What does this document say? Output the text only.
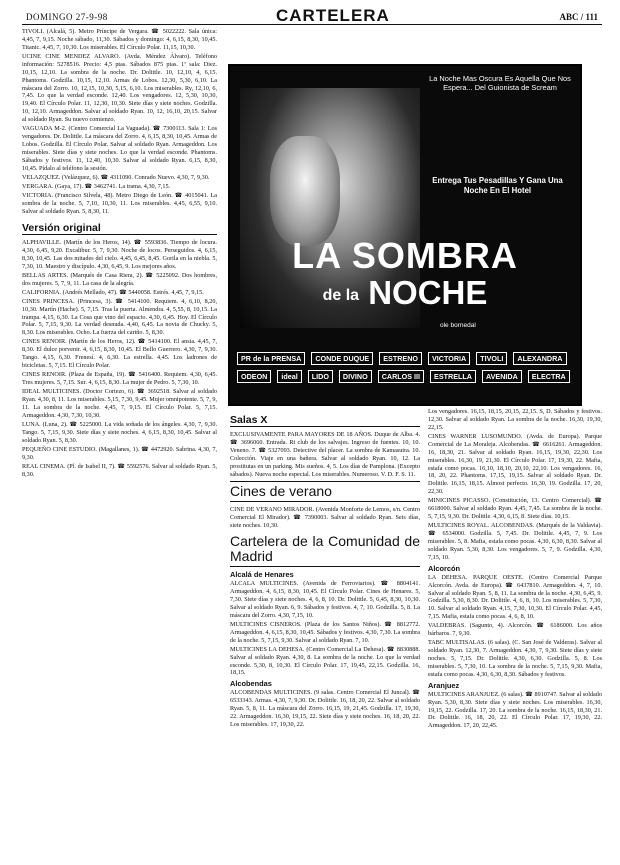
DOMINGO 27-9-98	CARTELERA	ABC / 111

TIVOLI. (Alcalá, 5). Metro Príncipe de Vergara. ☎ 5022222. Sala única: 4,45, 7, 9,15. Noche sábado, 11,30. Sábados y domingo: 4, 6,15, 8,30, 10,45. Titanic. 4,45, 7, 10,30. Los miserables. El Círculo Polar. 11,15, 10,30.

UCINE CINE MENDEZ ALVARO. (Avda. Méndez Álvaro). Teléfono información: 5278516. Precio: 4,5 ptas. Sábados 875 ptas. 1ª sala: Diez. 10,15, 12,10. La sombra de la noche. Dr. Dolittle. 10, 12,10, 4, 6,15. Phantoms. Godzilla. 10,15, 12,10. Armas de Lobos. 12,30, 5,30, 6,10. La máscara del Zorro. 10, 12,15, 10,30, 5,15, 6,10. Los miserables. Ry, 12,10, 6, 7,45. Lo que la verdad esconde. 12,40. Los vengadores. 12, 5,30, 10,30, 19,40. El Círculo Polar. 11, 12,30, 10,30. Siete días y siete noches. Godzilla. 10, 12,10. Armageddon. Salvar al soldado Ryan. 10, 12, 16,10, 20,15. Salvar al soldado Ryan. Su nuevo comienzo.

VAGUADA M-2. (Centro Comercial La Vaguada). ☎ 7300113. Sala 1: Los vengadores. Dr. Dolittle. La máscara del Zorro. 4, 6,15, 8,30, 10,45. Armas de Lobos. Godzilla. El Círculo Polar. Salvar al soldado Ryan. Armageddon. Los miserables. Siete días y siete noches. Lo que la verdad esconde. Phantoms. Sábados y festivos. 11, 12,40, 10,30. Salvar al soldado Ryan. 6,15, 8,30, 10,45. Pídalo al teléfono la sesión.

VELAZQUEZ. (Velázquez, 6). ☎ 4311090. Conrado Nuevo. 4,30, 7, 9,30.

VERGARA. (Gaya, 17). ☎ 3462741. La trama. 4,30, 7,15.

VICTORIA. (Francisco Silvela, 48). Metro Diego de León. ☎ 4015041. La sombra de la noche. 5, 7,10, 10,30, 11. Los miserables. 4,45, 6,55, 9,10. Salvar al soldado Ryan. 5, 8,30, 11.

Versión original

ALPHAVILLE. (Martín de los Heros, 14). ☎ 5593836. Tiempo de locura. 4,30, 6,45, 9,20. Excalibur. 5, 7, 9,30. Noche de locos. Perseguidos. 4, 6,15, 8,30, 10,45. Las dos mitades del cielo. 4,45, 6,45, 8,45. Gorila en la niebla. 5, 7,30, 10. Maestro y discípulo. 4,30, 6,45, 9. Los mejores años.

BELLAS ARTES. (Marqués de Casa Riera, 2). ☎ 5225092. Dos hombres, dos mujeres. 5, 7, 9, 11. La casa de la alegría.

CALIFORNIA. (Andrés Mellado, 47). ☎ 5440058. Estrés. 4,45, 7, 9,15.

CINES PRINCESA. (Princesa, 3). ☎ 5414100. Requiem. 4, 6,10, 8,20, 10,30. Martín (Hache). 5, 7,15. Tras la puerta. Almendra. 4, 5,55, 8, 10,15. La trampa. 4,15, 6,30. La Cosa que vino del espacio. 4,30, 6,45. Hoy. El Círculo Polar. 5, 7,15, 9,30. La verdad desnuda. 4,40, 6,45. La novia de Chucky. 5, 8,30. Los miserables. Ocho. La fuerza del cariño. 5, 8,30.

CINES RENOIR. (Martín de los Heros, 12). ☎ 5414100. El ansia. 4,45, 7, 8,30. El dulce porvenir. 4, 6,15, 8,30, 10,45. El Bello Guerrero. 4,30, 7, 9,30. Tango. 4,15, 6,30. Frenesí. 4, 6,30. La estrella. 4,45. Los ladrones de bicicletas. 5, 7,15. El Círculo Polar.

CINES RENOIR. (Plaza de España, 19). ☎ 5416400. Requiem. 4,30, 6,45. Tres mujeres. 5, 7,15. Sur. 4, 6,15, 8,30. La mujer de Pedro. 5, 7,30, 10.

IDEAL MULTICINES. (Doctor Cortezo, 6). ☎ 3692518. Salvar al soldado Ryan. 4,30, 8, 11. Los miserables. 5,15, 7,30, 9,45. Mujer omnipotente. 5, 7, 9, 11. La sombra de la noche. 4,45, 7, 9,15. El Círculo Polar. 5, 7,15. Armageddon. 4,30, 7,30, 10,30.

LUNA. (Luna, 2). ☎ 5225000. La vida soñada de los ángeles. 4,30, 7, 9,30. Tango. 5, 7,15, 9,30. Siete días y siete noches. 4, 6,15, 8,30, 10,45. Salvar al soldado Ryan. 5, 8,30.

PEQUEÑO CINE ESTUDIO. (Magallanes, 1). ☎ 4472920. Sabrina. 4,30, 7, 9,30.

REAL CINEMA. (Pl. de Isabel II, 7). ☎ 5592576. Salvar al soldado Ryan. 5, 8,30.

La Noche Mas Oscura Es Aquella Que Nos Espera... Del Guionista de Scream
Entrega Tus Pesadillas Y Gana Una Noche En El Hotel
LA SOMBRA
de la NOCHE
ole bornedal
PR de la PRENSA CONDE DUQUE ESTRENO VICTORIA TIVOLI ALEXANDRA ODEON ideal LIDO DIVINO CARLOS III ESTRELLA AVENIDA ELECTRA
Salas X

EXCLUSIVAMENTE PARA MAYORES DE 18 AÑOS. Duque de Alba. 4. ☎ 3696060. Entrada. Rt club de los salvajes. Ingreso de fuentes. 10, 10. Veneno. 7. ☎ 5327093. Detective del placer. La sombra de Kamasutra. 10. Colección. Viaje en una bañera. Salvar al soldado Ryan. 10, 12. La prostitutas en un parking. Mis sueños. 4, 5. Los días de Pamplona. (Excepto sábados). Nueva noche especial. Los miserables. Numeroso. V. D. F. S. 11.

Cines de verano

CINE DE VERANO MIRADOR. (Avenida Monforte de Lemos, s/n. Centro Comercial El Mirador). ☎ 7390003. Salvar al soldado Ryan. Seis días, siete noches. 10,30.

Cartelera de la Comunidad de Madrid
Alcalá de Henares

ALCALA MULTICINES. (Avenida de Ferroviarios). ☎ 8804141. Armageddon. 4, 6,15, 8,30, 10,45. El Círculo Polar. Cines de Henares. 5, 7,30. Siete días y siete noches. 4, 6, 8, 10. Dr. Dolittle. 5, 6,45, 8,30, 10,30. Salvar al soldado Ryan. 6, 9. Sábados y festivos. 4, 7, 10. Godzilla. 5, 8. La máscara del Zorro. 4,30, 7,15, 10.

MULTICINES CISNEROS. (Plaza de los Santos Niños). ☎ 8812772. Armageddon. 4, 6,15, 8,30, 10,45. Sábados y festivos. 4,30, 7,30. La sombra de la noche. 5, 7,15, 9,30. Salvar al soldado Ryan. 7, 10.

MULTICINES LA DEHESA. (Centro Comercial La Dehesa). ☎ 8830888. Salvar al soldado Ryan. 4,30, 8. La sombra de la noche. Lo que la verdad esconde. 5,30, 8, 10,30. El Círculo Polar. 17, 19,45, 22,15. Godzilla. 16, 18,15.

Alcobendas

ALCOBENDAS MULTICINES. (9 salas. Centro Comercial El Juncal). ☎ 6533343. Armas. 4,30, 7, 9,30. Dr. Dolittle. 16, 18, 20, 22. Salvar al soldado Ryan. 5, 8, 11. La máscara del Zorro. 16,15, 19, 21,45. Godzilla. 17, 19,30, 22. Armageddon. 16,30, 19,15, 22. Siete días y siete noches. 16, 18, 20, 22. Los miserables. 17, 19,30, 22.

Los vengadores. 16,15, 18,15, 20,15, 22,15. S, D. Sábados y festivos. 12,30. Salvar al soldado Ryan. La sombra de la noche. 16,30, 19,30, 22,15.

CINES WARNER LUSOMUNDO. (Avda. de Europa). Parque Comercial de La Moraleja. Alcobendas. ☎ 6616261. Armageddon. 16, 18,30, 21. Salvar al soldado Ryan. 16,15, 19,30, 22,30. Los miserables. 16,30, 19, 21,30. El Círculo Polar. 17, 19,30, 22. Mafia, estafa como pocas. 16,10, 18,10, 20,10, 22,10. Los vengadores. 16, 18, 20, 22. Phantoms. 17,15, 19,15. Salvar al soldado Ryan. Dr. Dolittle. 16,15, 18,15. Almost perfecto. 16,30, 19. Godzilla. 17, 20, 22,30.

MINICINES PICASSO. (Constitución, 13. Centro Comercial). ☎ 6618000. Salvar al soldado Ryan. 4,45, 7,45. La sombra de la noche. 5, 7,15, 9,30. Dr. Dolittle. 4,30, 6,15, 8. Siete días. 10,15.

MULTICINES ROYAL. ALCOBENDAS. (Marqués de la Valdavia). ☎ 6534000. Godzilla. 5, 7,45. Dr. Dolittle. 4,45, 7, 9. Los miserables. 5, 8. Mafia, estafa como pocas. 4,30, 6,30, 8,30. Salvar al soldado Ryan. 5,30, 8,30. Los vengadores. 5, 7, 9. Godzilla. 4,30, 7,15, 10.

Alcorcón

LA DEHESA. PARQUE OESTE. (Centro Comercial Parque Alcorcón. Avda. de Europa). ☎ 6437810. Armageddon. 4, 7, 10. Salvar al soldado Ryan. 5, 8, 11. La sombra de la noche. 4,30, 6,45, 9. Godzilla. 5,30, 8,30. Dr. Dolittle. 4, 6, 8, 10. Los miserables. 5, 7,30, 10. Salvar al soldado Ryan. 4,15, 7,30, 10,30. El Círculo Polar. 4,45, 7,15. Mafia, estafa como pocas. 4, 6, 8, 10.

VALDEBRAS. (Sagunto, 4). Alcorcón. ☎ 6186000. Los años bárbaros. 7, 9,30.

TABC MULTISALAS. (6 salas). (C. San José de Valderas). Salvar al soldado Ryan. 12,30, 7. Armageddon. 4,30, 7, 9,30. Siete días y siete noches. 5, 7,15. Dr. Dolittle. 4,30, 6,30. Godzilla. 5, 8. Los miserables. 5, 7,30, 10. La sombra de la noche. 5, 7,15, 9,30. Mafia, estafa como pocas. 4,30, 6,30, 8,30. Sábados y festivos.

Aranjuez

MULTICINES ARANJUEZ. (6 salas). ☎ 8910747. Salvar al soldado Ryan. 5,30, 8,30. Siete días y siete noches. Los miserables. 16,30, 19,15, 22. Godzilla. 17, 20. La sombra de la noche. 16,15, 18,30, 21. Dr. Dolittle. 16, 18, 20, 22. El Círculo Polar. 17, 19,30, 22. Armageddon. 17, 20, 22,45.
